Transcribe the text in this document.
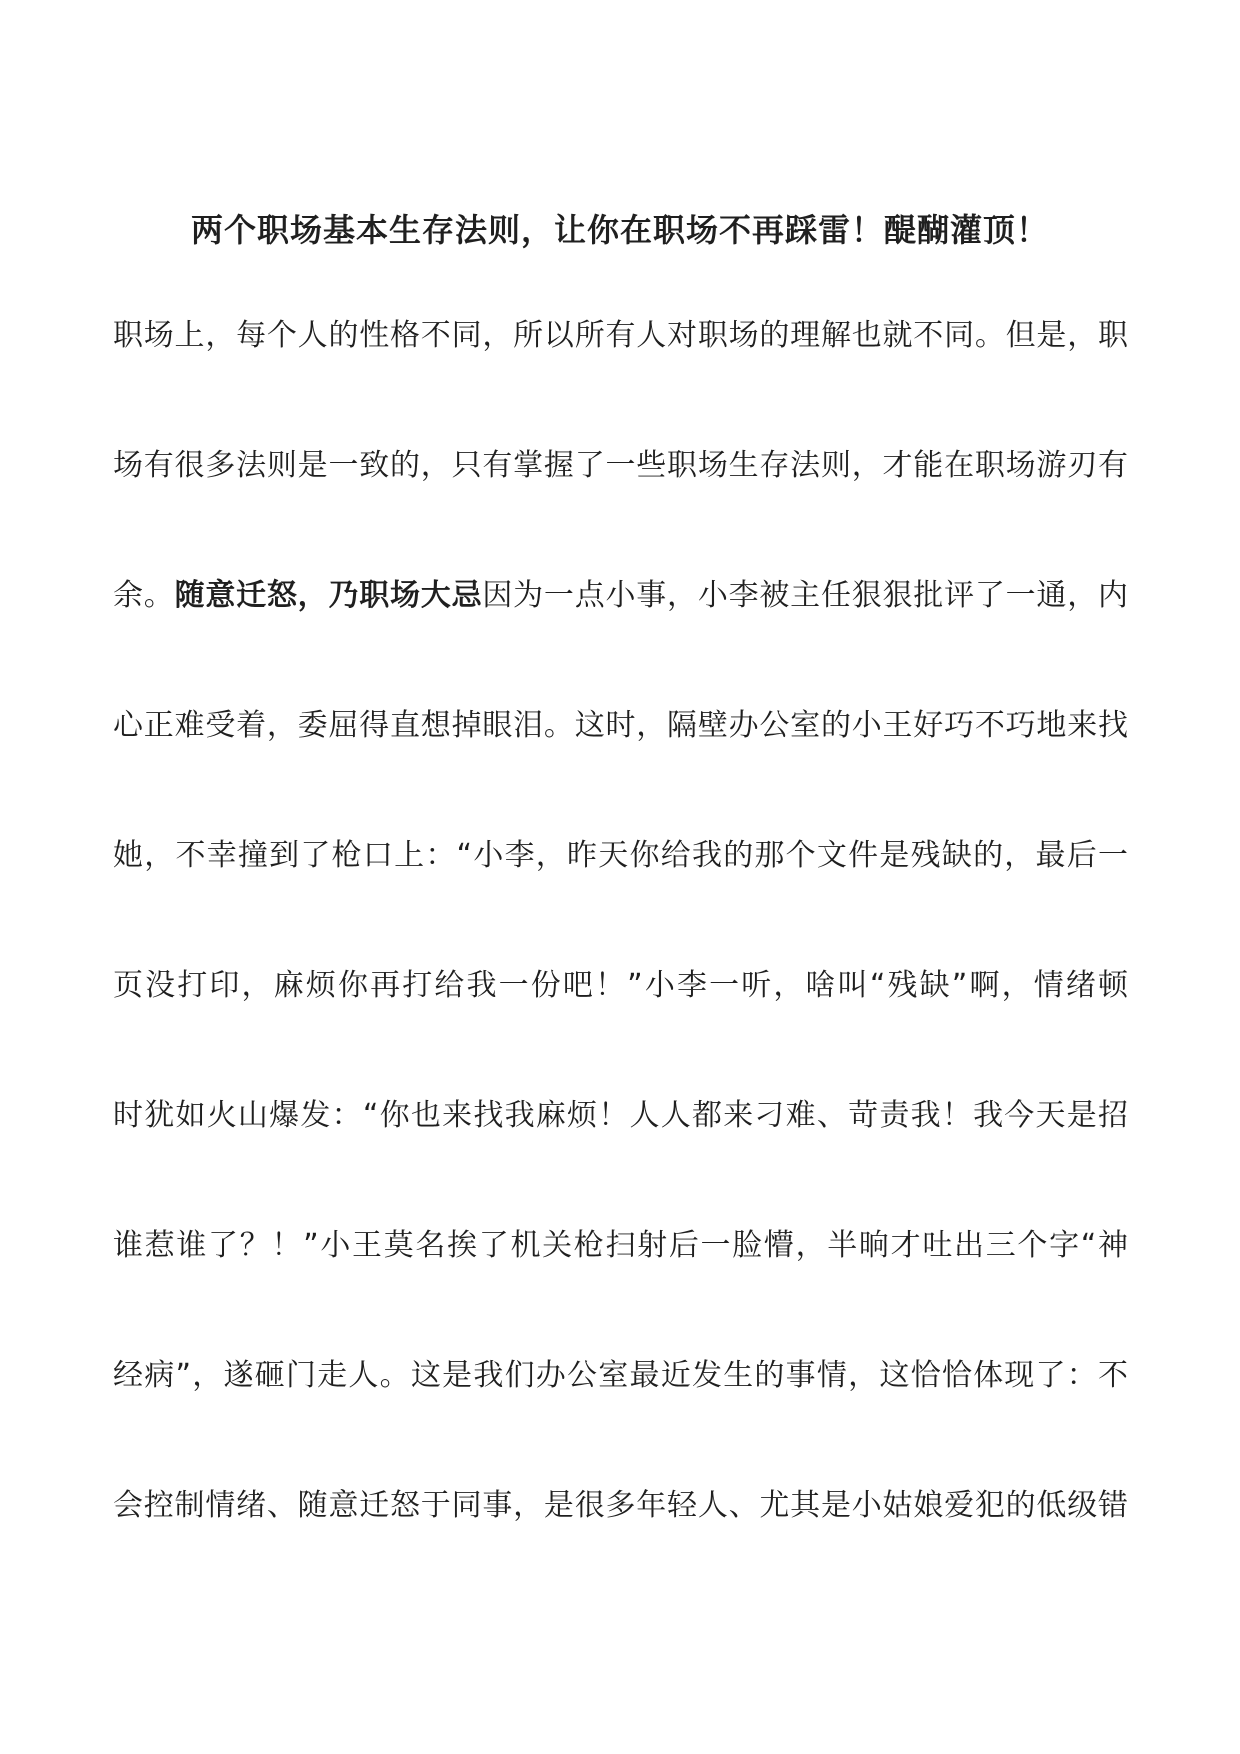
两个职场基本生存法则，让你在职场不再踩雷！醍醐灌顶！
职场上，每个人的性格不同，所以所有人对职场的理解也就不同。但是，职
场有很多法则是一致的，只有掌握了一些职场生存法则，才能在职场游刃有
余。随意迁怒，乃职场大忌因为一点小事，小李被主任狠狠批评了一通，内
心正难受着，委屈得直想掉眼泪。这时，隔壁办公室的小王好巧不巧地来找
她，不幸撞到了枪口上：“小李，昨天你给我的那个文件是残缺的，最后一
页没打印，麻烦你再打给我一份吧！”小李一听，啥叫“残缺”啊，情绪顿
时犹如火山爆发：“你也来找我麻烦！人人都来刁难、苛责我！我今天是招
谁惹谁了？！”小王莫名挨了机关枪扫射后一脸懵，半晌才吐出三个字“神
经病”，遂砸门走人。这是我们办公室最近发生的事情，这恰恰体现了：不
会控制情绪、随意迁怒于同事，是很多年轻人、尤其是小姑娘爱犯的低级错
